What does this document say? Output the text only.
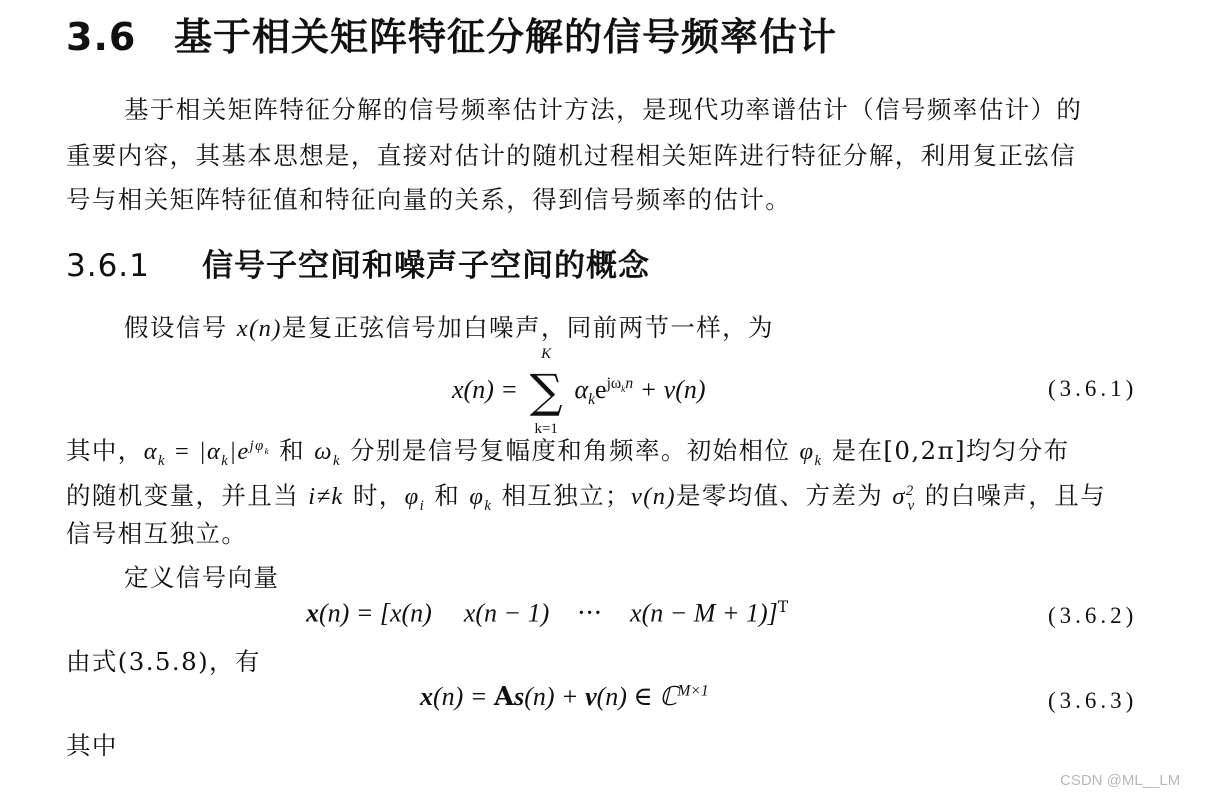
3.6 基于相关矩阵特征分解的信号频率估计
基于相关矩阵特征分解的信号频率估计方法，是现代功率谱估计（信号频率估计）的
重要内容，其基本思想是，直接对估计的随机过程相关矩阵进行特征分解，利用复正弦信
号与相关矩阵特征值和特征向量的关系，得到信号频率的估计。
3.6.1 信号子空间和噪声子空间的概念
假设信号 x(n)是复正弦信号加白噪声，同前两节一样，为
x(n) =
K
∑
k=1
$\alpha_ke^{j\omega_kn} + v(n)$	(3.6.1)
其中，$\alpha_k = |\alpha_k|e^{j\varphi_k}$ 和 $\omega_k$ 分别是信号复幅度和角频率。初始相位 $\varphi_k$ 是在[0,2π]均匀分布
的随机变量，并且当 i≠k 时，$\varphi_i$ 和 $\varphi_k$ 相互独立；v(n)是零均值、方差为 $\sigma^2_v$ 的白噪声，且与
信号相互独立。
定义信号向量
x(n) = [x(n) x(n − 1) ··· x(n − M + 1)]$^T$	(3.6.2)
由式(3.5.8)，有
x(n) = As(n) + v(n) ∈ ℂ$^{M\times 1}$	(3.6.3)
其中
CSDN @ML__LM
